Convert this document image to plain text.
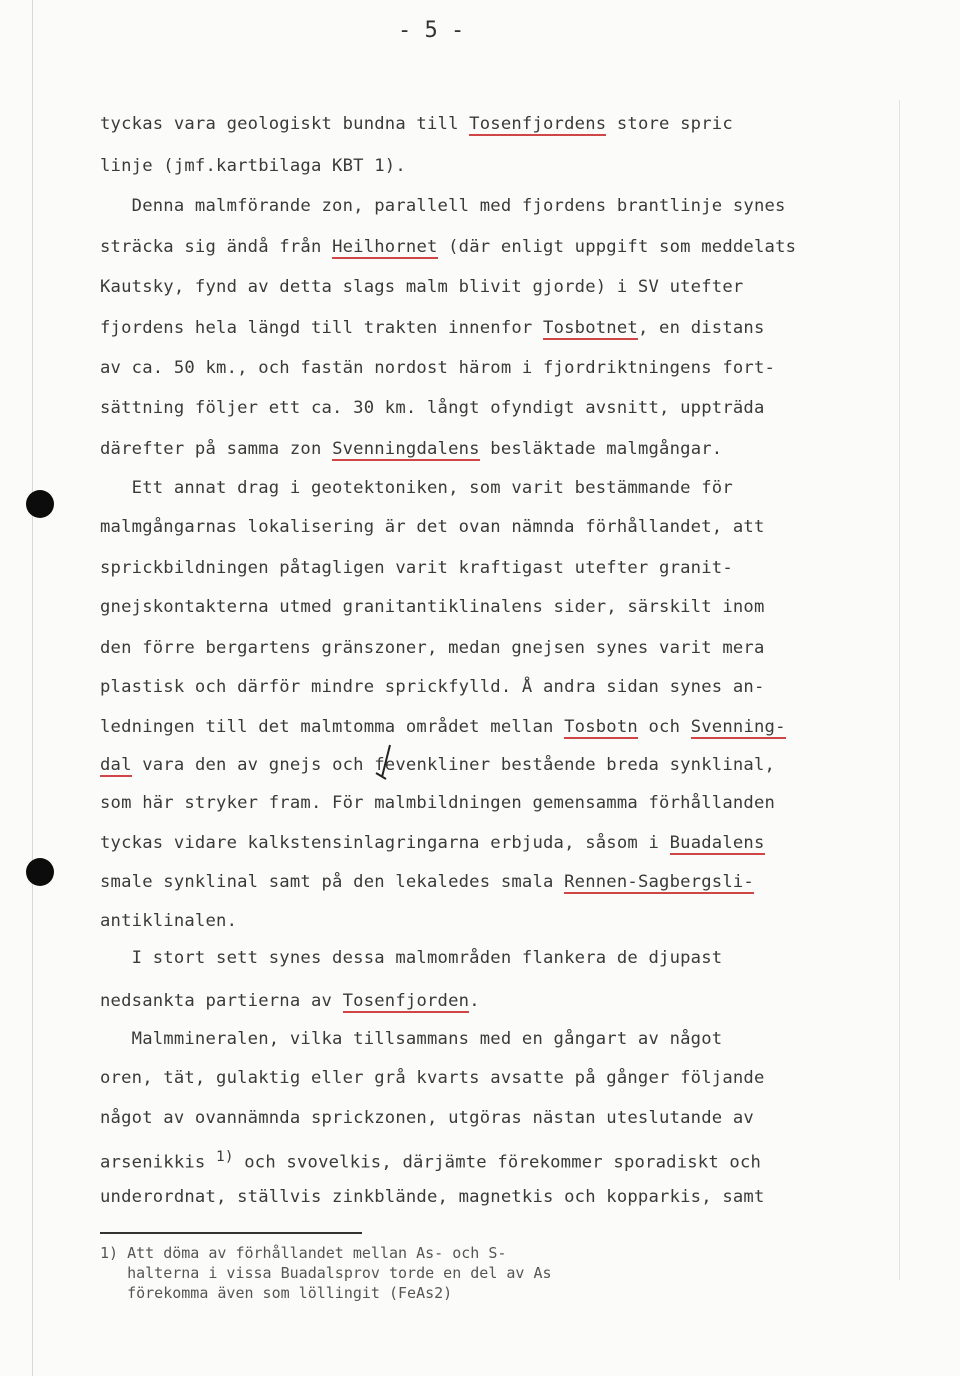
- 5 -
tyckas vara geologiskt bundna till Tosenfjordens store spric
linje (jmf.kartbilaga KBT 1).
Denna malmförande zon, parallell med fjordens brantlinje synes
sträcka sig ändå från Heilhornet (där enligt uppgift som meddelats
Kautsky, fynd av detta slags malm blivit gjorde) i SV utefter
fjordens hela längd till trakten innenfor Tosbotnet, en distans
av ca. 50 km., och fastän nordost härom i fjordriktningens fort-
sättning följer ett ca. 30 km. långt ofyndigt avsnitt, uppträda
därefter på samma zon Svenningdalens besläktade malmgångar.
Ett annat drag i geotektoniken, som varit bestämmande för
malmgångarnas lokalisering är det ovan nämnda förhållandet, att
sprickbildningen påtagligen varit kraftigast utefter granit-
gnejskontakterna utmed granitantiklinalens sider, särskilt inom
den förre bergartens gränszoner, medan gnejsen synes varit mera
plastisk och därför mindre sprickfylld. Å andra sidan synes an-
ledningen till det malmtomma området mellan Tosbotn och Svenning-
dal vara den av gnejs och fevenkliner bestående breda synklinal,
som här stryker fram. För malmbildningen gemensamma förhållanden
tyckas vidare kalkstensinlagringarna erbjuda, såsom i Buadalens
smale synklinal samt på den lekaledes smala Rennen-Sagbergsli-
antiklinalen.
I stort sett synes dessa malmområden flankera de djupast
nedsankta partierna av Tosenfjorden.
Malmmineralen, vilka tillsammans med en gångart av något
oren, tät, gulaktig eller grå kvarts avsatte på gånger följande
något av ovannämnda sprickzonen, utgöras nästan uteslutande av
arsenikkis $^{1)}$ och svovelkis, därjämte förekommer sporadiskt och
underordnat, ställvis zinkblände, magnetkis och kopparkis, samt
1) Att döma av förhållandet mellan As- och S-
halterna i vissa Buadalsprov torde en del av As
förekomma även som löllingit (FeAs2)
